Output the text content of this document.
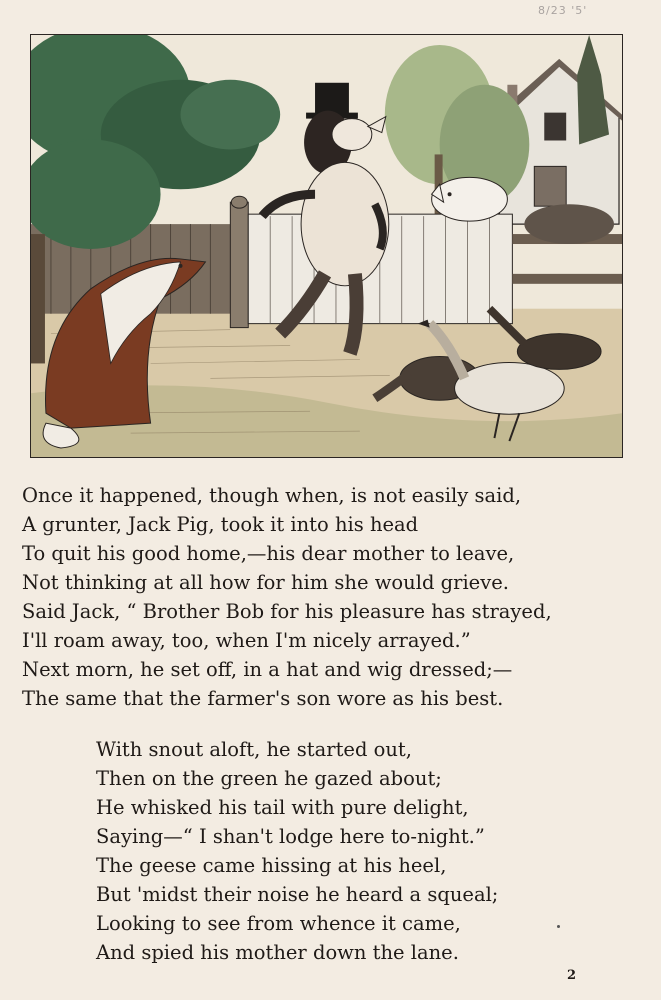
8/23 '5'
Once it happened, though when, is not easily said,
A grunter, Jack Pig, took it into his head
To quit his good home,—his dear mother to leave,
Not thinking at all how for him she would grieve.
Said Jack, “ Brother Bob for his pleasure has strayed,
I'll roam away, too, when I'm nicely arrayed.”
Next morn, he set off, in a hat and wig dressed;—
The same that the farmer's son wore as his best.
With snout aloft, he started out,
Then on the green he gazed about;
He whisked his tail with pure delight,
Saying—“ I shan't lodge here to-night.”
The geese came hissing at his heel,
But 'midst their noise he heard a squeal;
Looking to see from whence it came,
And spied his mother down the lane.
2
